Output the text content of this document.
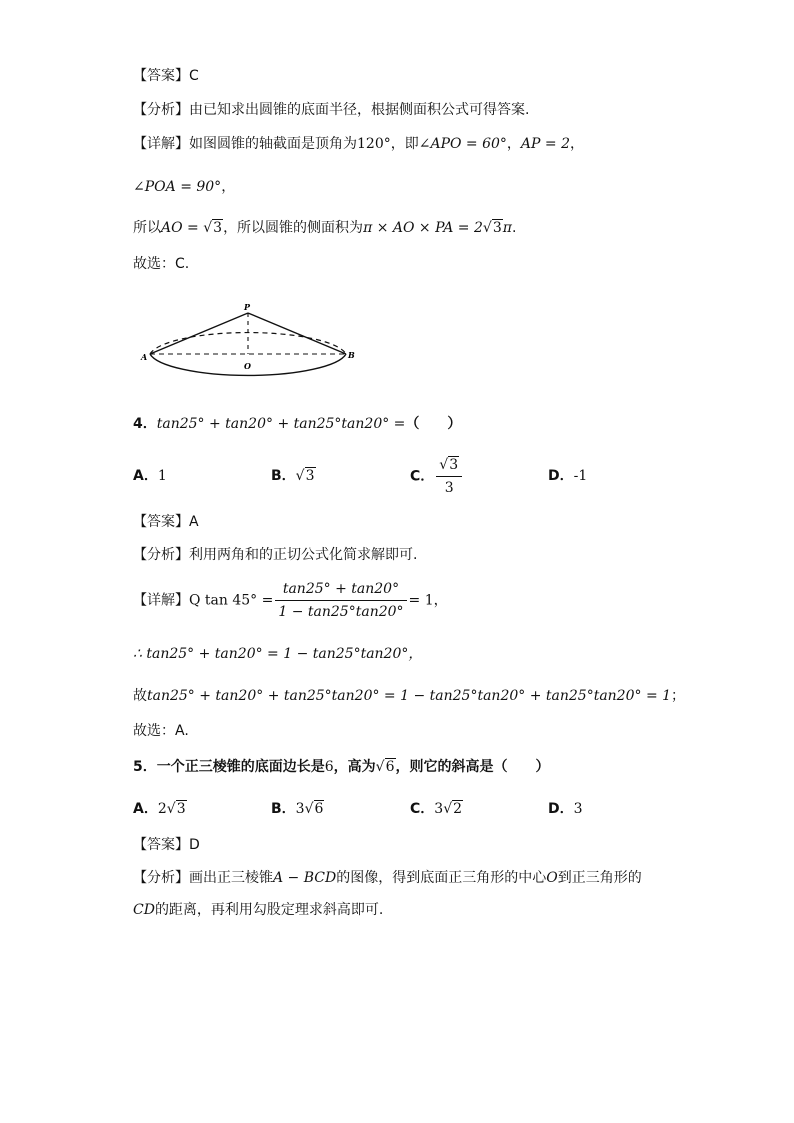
【答案】C
【分析】由已知求出圆锥的底面半径，根据侧面积公式可得答案.
【详解】如图圆锥的轴截面是顶角为120°，即∠APO = 60°，AP = 2，
∠POA = 90°，
所以AO = √3，所以圆锥的侧面积为π × AO × PA = 2√3π.
故选：C.
P
A	B
O
4．tan25° + tan20° + tan25°tan20° =（　　）
A．1	B．√3	C． $\frac{√3}{3}$	D．-1
【答案】A
【分析】利用两角和的正切公式化简求解即可.
【详解】Q $\tan 45^\circ = \frac{\tan 25^\circ + \tan 20^\circ}{1 - \tan 25^\circ\tan 20^\circ} = 1$，
∴ tan25° + tan20° = 1 − tan25°tan20°，
故tan25° + tan20° + tan25°tan20° = 1 − tan25°tan20° + tan25°tan20° = 1；
故选：A.
5．一个正三棱锥的底面边长是6，高为√6，则它的斜高是（　　）
A．2√3	B．3√6	C．3√2	D．3
【答案】D
【分析】画出正三棱锥A − BCD的图像，得到底面正三角形的中心O到正三角形的
CD的距离，再利用勾股定理求斜高即可.
